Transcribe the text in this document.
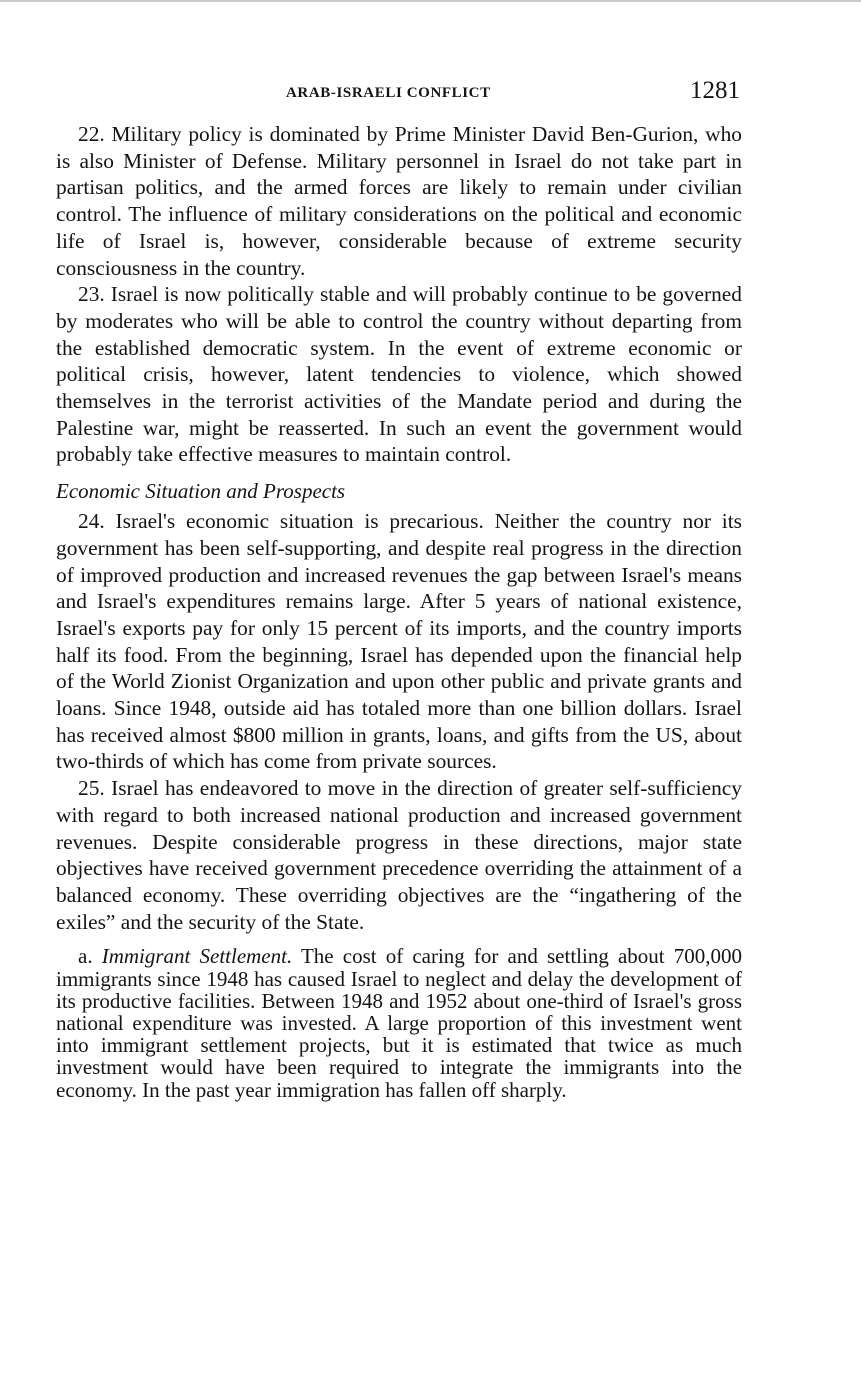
ARAB-ISRAELI CONFLICT	1281

22. Military policy is dominated by Prime Minister David Ben-Gurion, who is also Minister of Defense. Military personnel in Israel do not take part in partisan politics, and the armed forces are likely to remain under civilian control. The influence of military considerations on the political and economic life of Israel is, however, considerable because of extreme security consciousness in the country.

23. Israel is now politically stable and will probably continue to be governed by moderates who will be able to control the country without departing from the established democratic system. In the event of extreme economic or political crisis, however, latent tendencies to violence, which showed themselves in the terrorist activities of the Mandate period and during the Palestine war, might be reasserted. In such an event the government would probably take effective measures to maintain control.

Economic Situation and Prospects

24. Israel's economic situation is precarious. Neither the country nor its government has been self-supporting, and despite real progress in the direction of improved production and increased revenues the gap between Israel's means and Israel's expenditures remains large. After 5 years of national existence, Israel's exports pay for only 15 percent of its imports, and the country imports half its food. From the beginning, Israel has depended upon the financial help of the World Zionist Organization and upon other public and private grants and loans. Since 1948, outside aid has totaled more than one billion dollars. Israel has received almost $800 million in grants, loans, and gifts from the US, about two-thirds of which has come from private sources.

25. Israel has endeavored to move in the direction of greater self-sufficiency with regard to both increased national production and increased government revenues. Despite considerable progress in these directions, major state objectives have received government precedence overriding the attainment of a balanced economy. These overriding objectives are the “ingathering of the exiles” and the security of the State.

a. Immigrant Settlement. The cost of caring for and settling about 700,000 immigrants since 1948 has caused Israel to neglect and delay the development of its productive facilities. Between 1948 and 1952 about one-third of Israel's gross national expenditure was invested. A large proportion of this investment went into immigrant settlement projects, but it is estimated that twice as much investment would have been required to integrate the immigrants into the economy. In the past year immigration has fallen off sharply.
